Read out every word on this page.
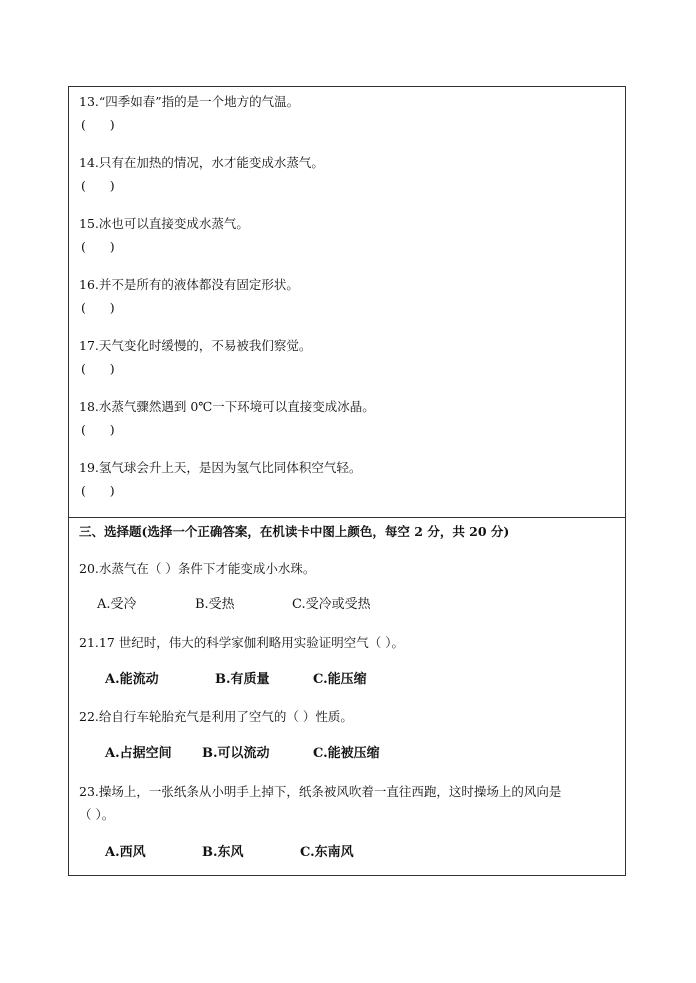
13.“四季如春”指的是一个地方的气温。
(      )
14.只有在加热的情况，水才能变成水蒸气。
(      )
15.冰也可以直接变成水蒸气。
(      )
16.并不是所有的液体都没有固定形状。
(      )
17.天气变化时缓慢的，不易被我们察觉。
(      )
18.水蒸气骤然遇到 0℃一下环境可以直接变成冰晶。
(      )
19.氢气球会升上天，是因为氢气比同体积空气轻。
(      )
三、选择题(选择一个正确答案，在机读卡中图上颜色，每空 2 分，共 20 分)
20.水蒸气在（ ）条件下才能变成小水珠。
A.受冷	B.受热	C.受冷或受热
21.17 世纪时，伟大的科学家伽利略用实验证明空气（ ）。
A.能流动	B.有质量	C.能压缩
22.给自行车轮胎充气是利用了空气的（ ）性质。
A.占据空间 B.可以流动	C.能被压缩
23.操场上，一张纸条从小明手上掉下，纸条被风吹着一直往西跑，这时操场上的风向是
（ ）。
A.西风	B.东风	C.东南风
